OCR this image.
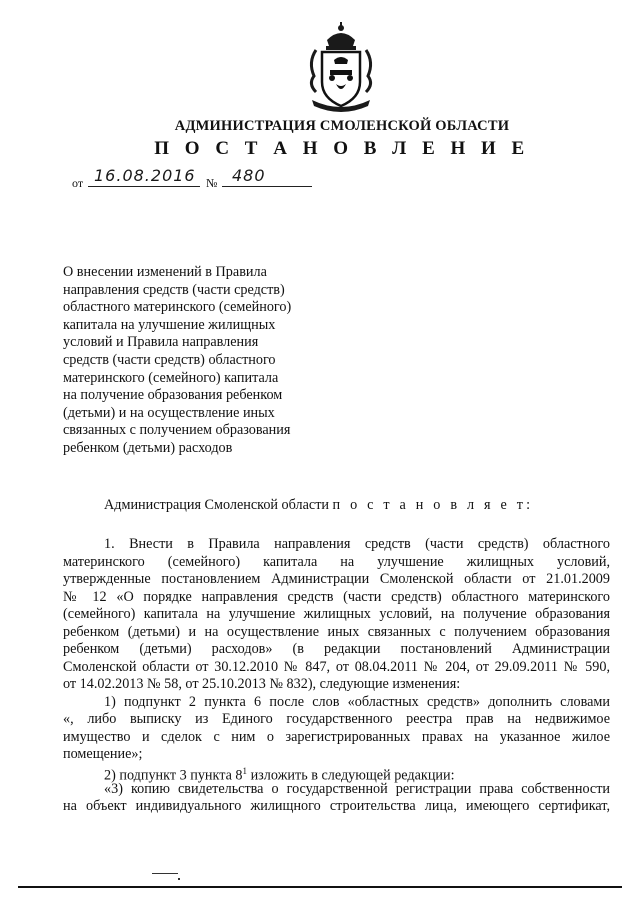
АДМИНИСТРАЦИЯ СМОЛЕНСКОЙ ОБЛАСТИ
П О С Т А Н О В Л Е Н И Е
от 16.08.2016 № 480
О внесении изменений в Правила
направления средств (части средств)
областного материнского (семейного)
капитала на улучшение жилищных
условий и Правила направления
средств (части средств) областного
материнского (семейного) капитала
на получение образования ребенком
(детьми) и на осуществление иных
связанных с получением образования
ребенком (детьми) расходов
Администрация Смоленской области п о с т а н о в л я е т:
1. Внести в Правила направления средств (части средств) областного
материнского (семейного) капитала на улучшение жилищных условий,
утвержденные постановлением Администрации Смоленской области от 21.01.2009
№ 12 «О порядке направления средств (части средств) областного материнского
(семейного) капитала на улучшение жилищных условий, на получение образования
ребенком (детьми) и на осуществление иных связанных с получением образования
ребенком (детьми) расходов» (в редакции постановлений Администрации
Смоленской области от 30.12.2010 № 847, от 08.04.2011 № 204, от 29.09.2011 № 590,
от 14.02.2013 № 58, от 25.10.2013 № 832), следующие изменения:
1) подпункт 2 пункта 6 после слов «областных средств» дополнить словами
«, либо выписку из Единого государственного реестра прав на недвижимое
имущество и сделок с ним о зарегистрированных правах на указанное жилое
помещение»;
2) подпункт 3 пункта $8^1$ изложить в следующей редакции:
«3) копию свидетельства о государственной регистрации права собственности
на объект индивидуального жилищного строительства лица, имеющего сертификат,
